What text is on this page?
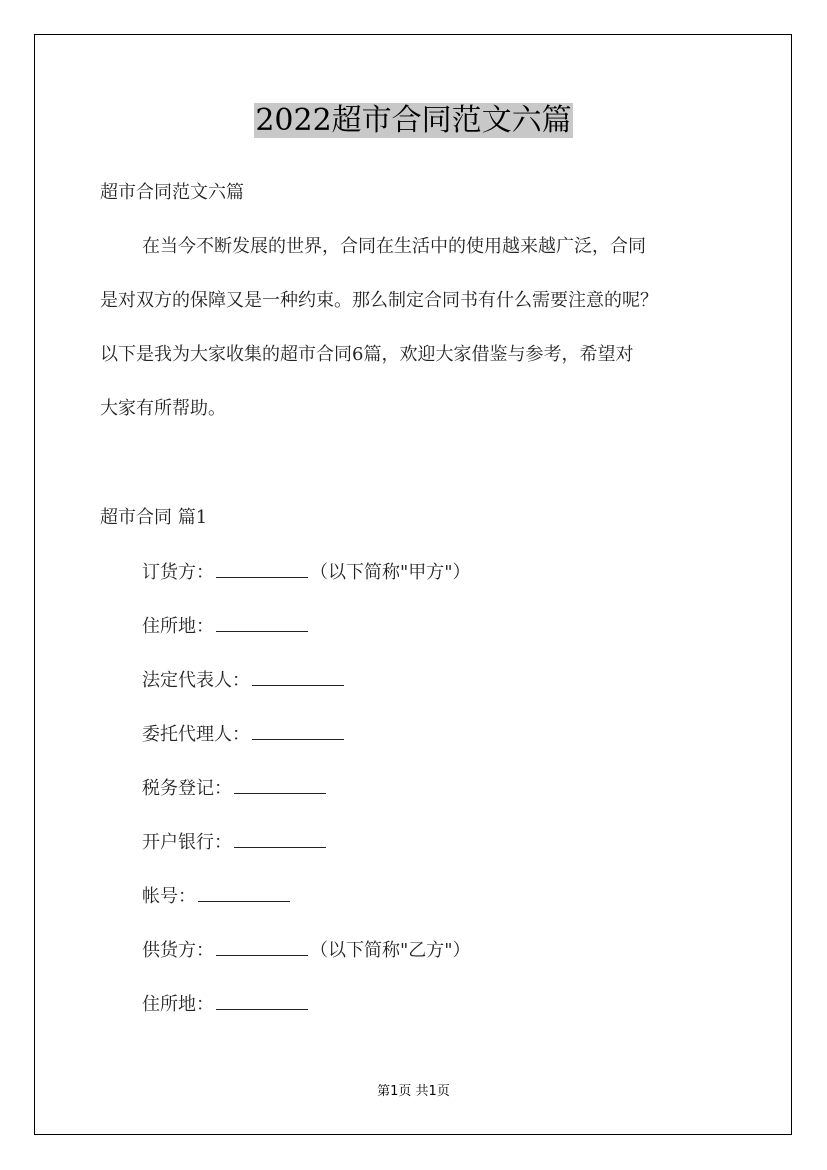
2022超市合同范文六篇
超市合同范文六篇
在当今不断发展的世界，合同在生活中的使用越来越广泛，合同
是对双方的保障又是一种约束。那么制定合同书有什么需要注意的呢？
以下是我为大家收集的超市合同6篇，欢迎大家借鉴与参考，希望对
大家有所帮助。
超市合同 篇1
订货方：	（以下简称"甲方"）
住所地：
法定代表人：
委托代理人：
税务登记：
开户银行：
帐号：
供货方：	（以下简称"乙方"）
住所地：
第1页 共1页
